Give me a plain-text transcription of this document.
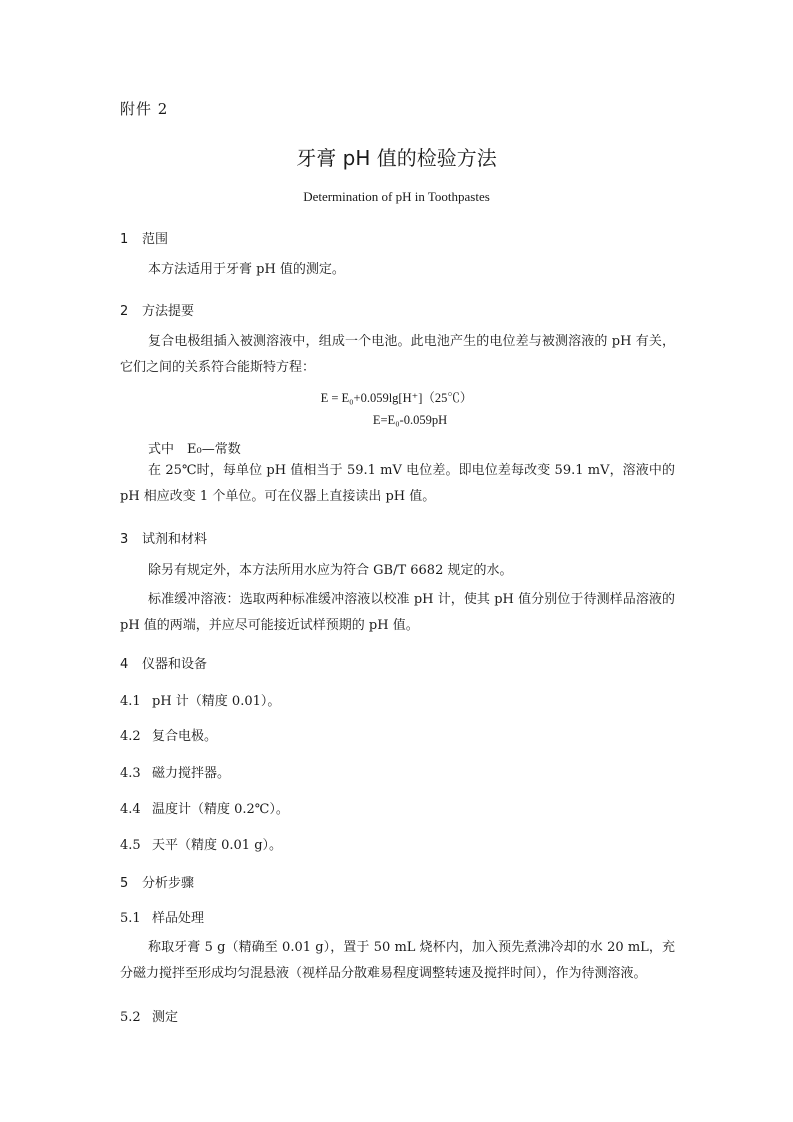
附件 2
牙膏 pH 值的检验方法
Determination of pH in Toothpastes
1 范围
本方法适用于牙膏 pH 值的测定。
2 方法提要
复合电极组插入被测溶液中，组成一个电池。此电池产生的电位差与被测溶液的 pH 有关，它们之间的关系符合能斯特方程：
E = E₀+0.059lg[H⁺]（25℃）
E=E₀-0.059pH
式中　E₀—常数
在 25℃时，每单位 pH 值相当于 59.1 mV 电位差。即电位差每改变 59.1 mV，溶液中的 pH 相应改变 1 个单位。可在仪器上直接读出 pH 值。
3 试剂和材料
除另有规定外，本方法所用水应为符合 GB/T 6682 规定的水。
标准缓冲溶液：选取两种标准缓冲溶液以校准 pH 计，使其 pH 值分别位于待测样品溶液的 pH 值的两端，并应尽可能接近试样预期的 pH 值。
4 仪器和设备
4.1 pH 计（精度 0.01）。
4.2 复合电极。
4.3 磁力搅拌器。
4.4 温度计（精度 0.2℃）。
4.5 天平（精度 0.01 g）。
5 分析步骤
5.1 样品处理
称取牙膏 5 g（精确至 0.01 g），置于 50 mL 烧杯内，加入预先煮沸冷却的水 20 mL，充分磁力搅拌至形成均匀混悬液（视样品分散难易程度调整转速及搅拌时间），作为待测溶液。
5.2 测定
